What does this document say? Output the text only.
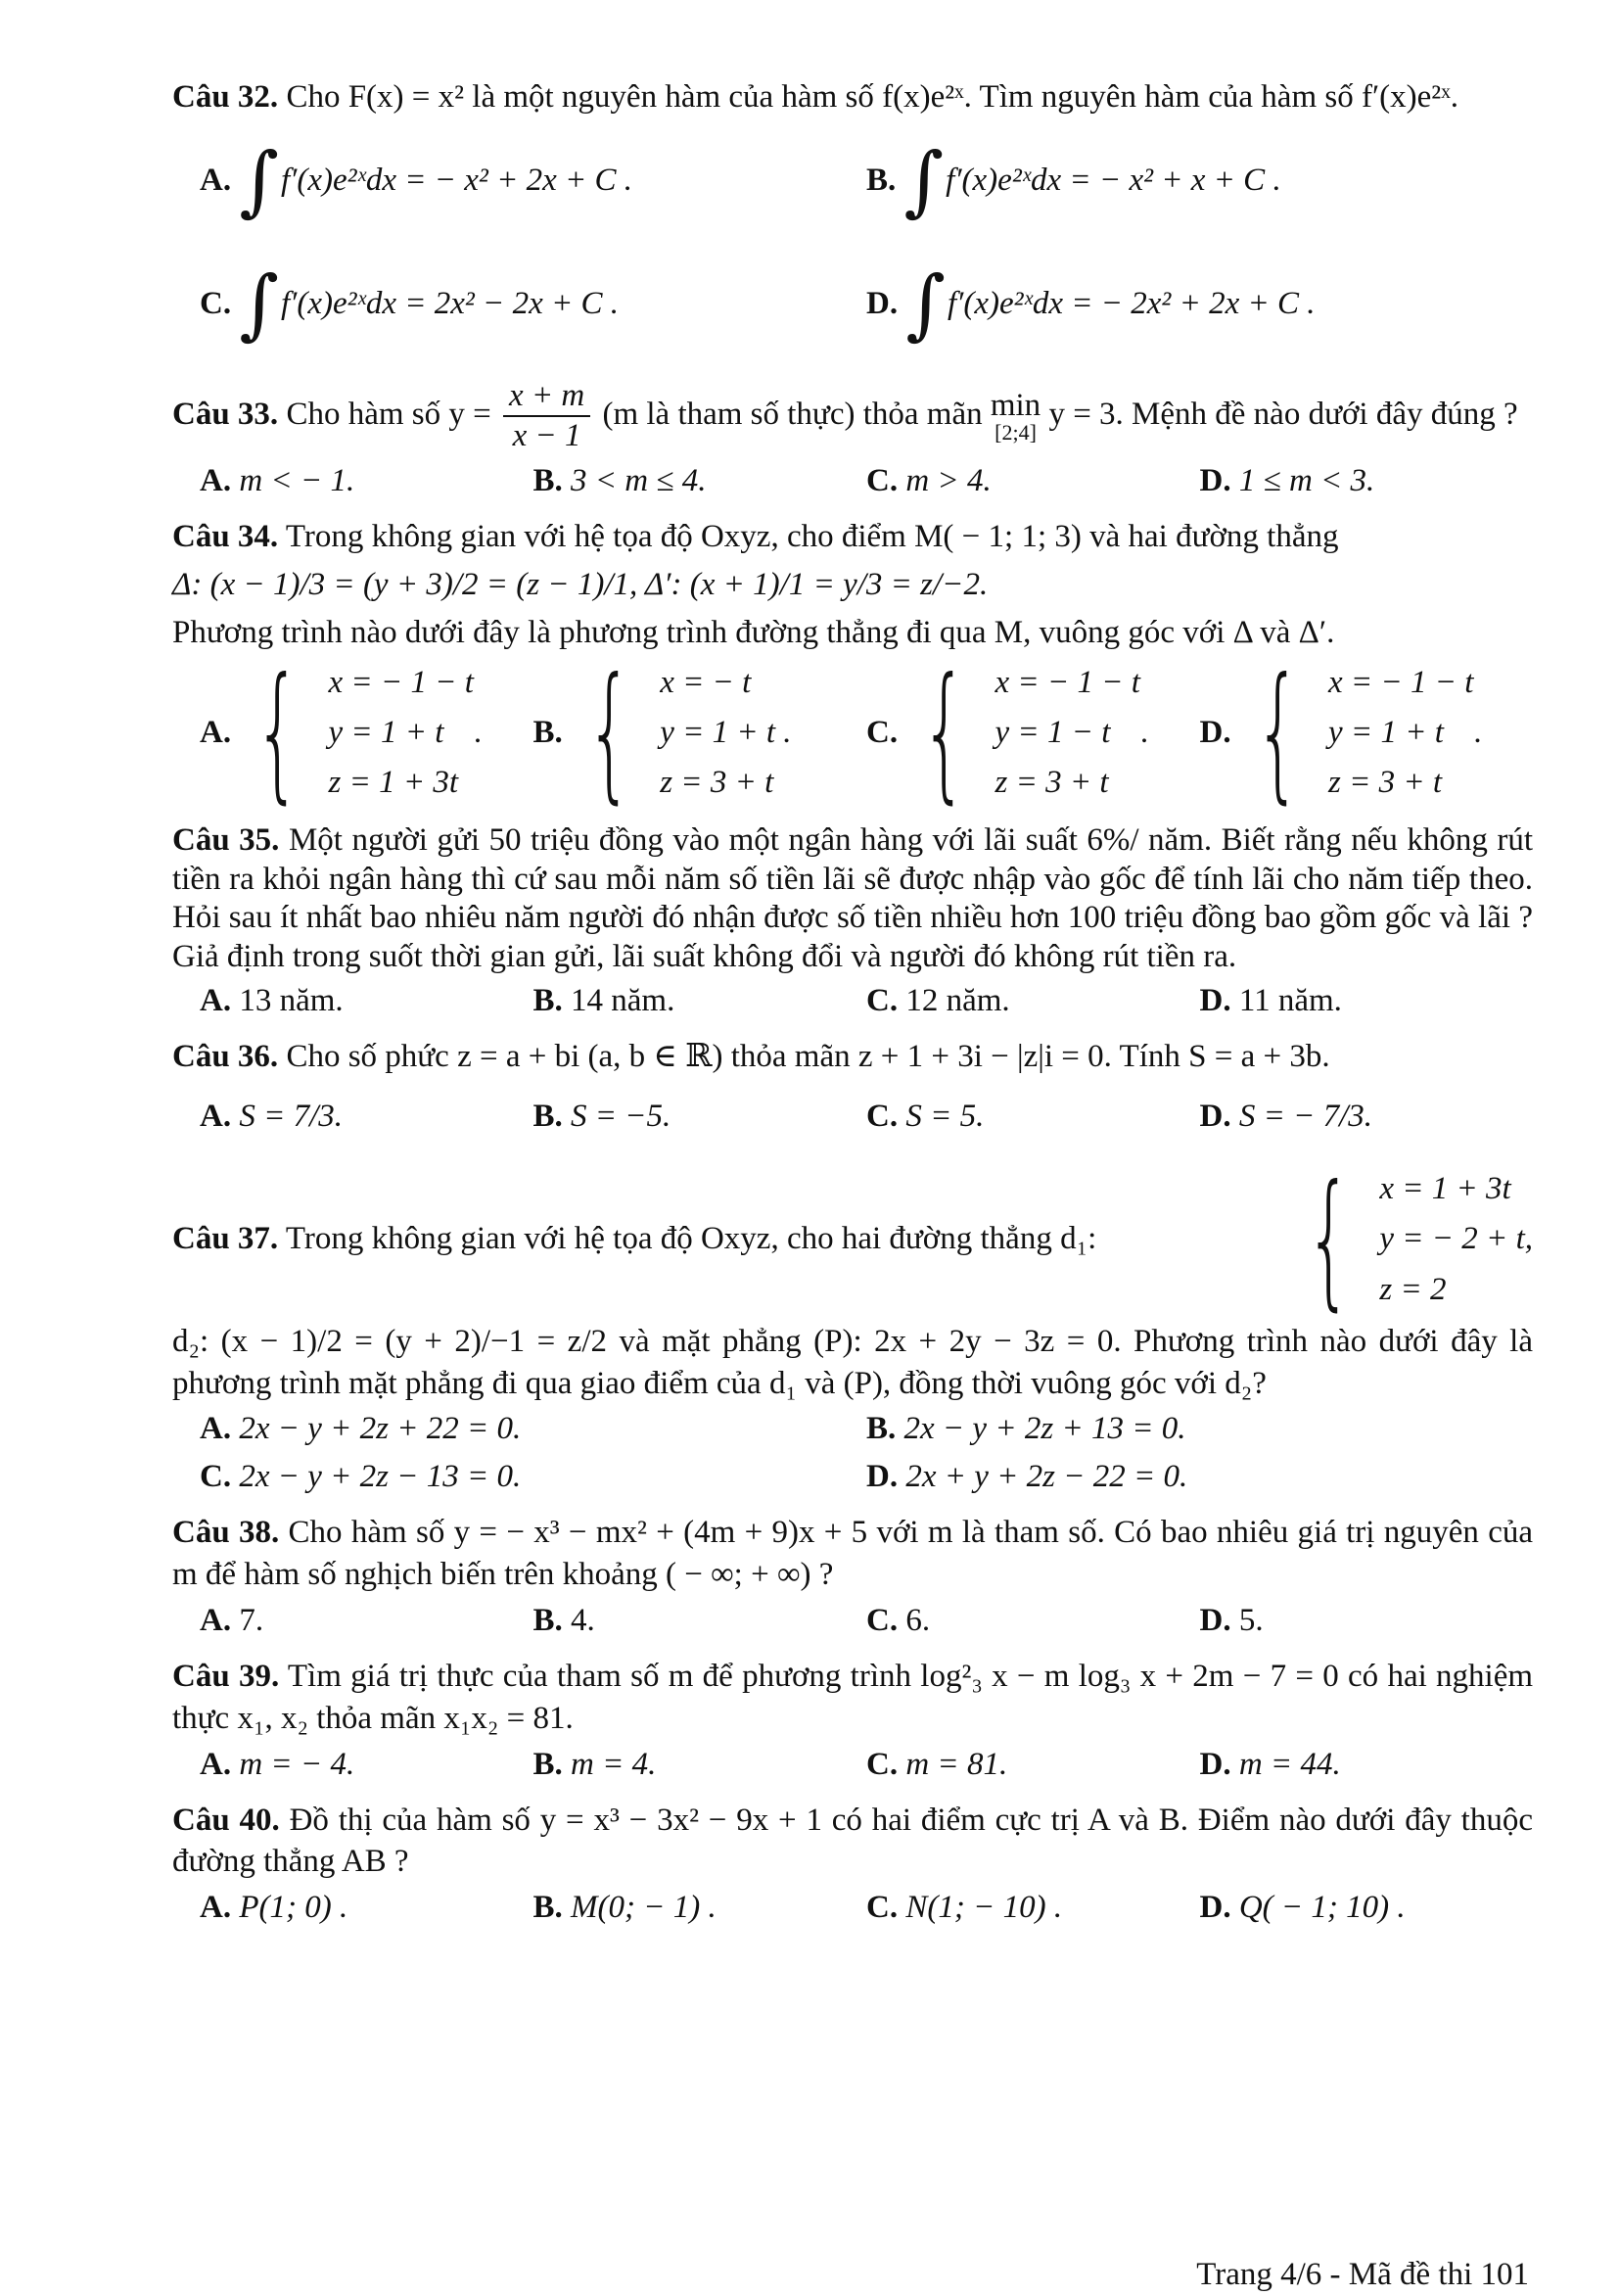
Câu 32. Cho F(x) = x² là một nguyên hàm của hàm số f(x)e²ˣ. Tìm nguyên hàm của hàm số f′(x)e²ˣ.
A.
∫ f′(x)e²ˣdx = − x² + 2x + C .	B.
∫ f′(x)e²ˣdx = − x² + x + C .
C.
∫ f′(x)e²ˣdx = 2x² − 2x + C .	D.
∫ f′(x)e²ˣdx = − 2x² + 2x + C .
Câu 33. Cho hàm số $y = \frac{x + m}{x - 1} (m$ là tham số thực) thỏa mãn min
[2;4]
y = 3. Mệnh đề nào dưới đây đúng ?
A. m < − 1.	B. 3 < m ≤ 4.	C. m > 4.	D. 1 ≤ m < 3.
Câu 34. Trong không gian với hệ tọa độ Oxyz, cho điểm M( − 1; 1; 3) và hai đường thẳng
Δ: (x − 1)/3 = (y + 3)/2 = (z − 1)/1, Δ′: (x + 1)/1 = y/3 = z/−2.
Phương trình nào dưới đây là phương trình đường thẳng đi qua M, vuông góc với Δ và Δ′.
A. { x = − 1 − t
y = 1 + t
z = 1 + 3t
. B. { x = − t
y = 1 + t .
z = 3 + t
C. { x = − 1 − t
y = 1 − t
z = 3 + t
. D. { x = − 1 − t
y = 1 + t
z = 3 + t
.
Câu 35. Một người gửi 50 triệu đồng vào một ngân hàng với lãi suất 6%/ năm. Biết rằng nếu không rút tiền ra khỏi ngân hàng thì cứ sau mỗi năm số tiền lãi sẽ được nhập vào gốc để tính lãi cho năm tiếp theo. Hỏi sau ít nhất bao nhiêu năm người đó nhận được số tiền nhiều hơn 100 triệu đồng bao gồm gốc và lãi ? Giả định trong suốt thời gian gửi, lãi suất không đổi và người đó không rút tiền ra.
A. 13 năm.	B. 14 năm.	C. 12 năm.	D. 11 năm.
Câu 36. Cho số phức z = a + bi (a, b ∈ ℝ) thỏa mãn z + 1 + 3i − |z|i = 0. Tính S = a + 3b.
A. S = 7/3.	B. S = −5.	C. S = 5.	D. S = − 7/3.
Câu 37. Trong không gian với hệ tọa độ Oxyz, cho hai đường thẳng d₁: { x = 1 + 3t
y = − 2 + t,
z = 2
d₂: (x − 1)/2 = (y + 2)/−1 = z/2 và mặt phẳng (P): 2x + 2y − 3z = 0. Phương trình nào dưới đây là phương trình mặt phẳng đi qua giao điểm của d₁ và (P), đồng thời vuông góc với d₂?
A. 2x − y + 2z + 22 = 0.	B. 2x − y + 2z + 13 = 0.
C. 2x − y + 2z − 13 = 0.	D. 2x + y + 2z − 22 = 0.
Câu 38. Cho hàm số y = − x³ − mx² + (4m + 9)x + 5 với m là tham số. Có bao nhiêu giá trị nguyên của m để hàm số nghịch biến trên khoảng ( − ∞; + ∞) ?
A. 7.	B. 4.	C. 6.	D. 5.
Câu 39. Tìm giá trị thực của tham số m để phương trình log²₃ x − m log₃ x + 2m − 7 = 0 có hai nghiệm thực x₁, x₂ thỏa mãn x₁x₂ = 81.
A. m = − 4.	B. m = 4.	C. m = 81.	D. m = 44.
Câu 40. Đồ thị của hàm số y = x³ − 3x² − 9x + 1 có hai điểm cực trị A và B. Điểm nào dưới đây thuộc đường thẳng AB ?
A. P(1; 0) .	B. M(0; − 1) .	C. N(1; − 10) .	D. Q( − 1; 10) .
Trang 4/6 - Mã đề thi 101
